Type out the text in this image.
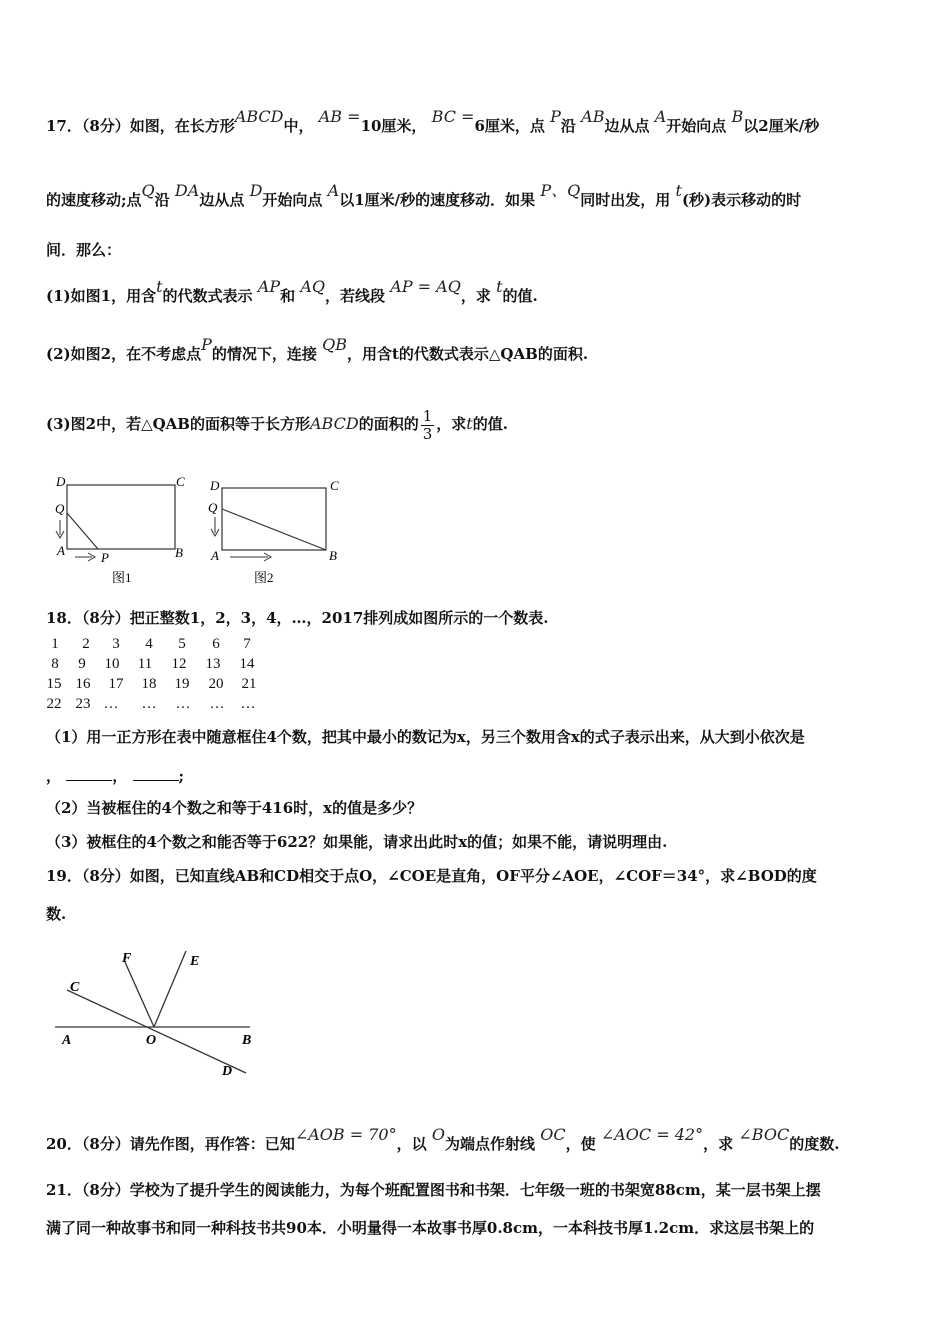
17．（8分）如图，在长方形ABCD中， AB =10厘米， BC =6厘米，点 P沿 AB边从点 A开始向点 B以2厘米/秒
的速度移动;点Q沿 DA边从点 D开始向点 A以1厘米/秒的速度移动．如果 P、Q同时出发，用 t(秒)表示移动的时
间．那么：
(1)如图1，用含t的代数式表示 AP和 AQ，若线段 AP = AQ，求 t的值.
(2)如图2，在不考虑点P的情况下，连接 QB，用含t的代数式表示△QAB的面积.
(3)图2中，若△QAB的面积等于长方形ABCD的面积的 $\frac{1}{3}$ ，求t的值.
D	C
Q
A	B
P
图1
D	C
Q
A	B
图2
18．（8分）把正整数1，2，3，4，…，2017排列成如图所示的一个数表.
1	2	3	4	5	6	7
8	9	10	11	12	13	14
15 16	17	18	19	20	21
22 23 …	…	…	…	…
（1）用一正方形在表中随意框住4个数，把其中最小的数记为x，另三个数用含x的式子表示出来，从大到小依次是
，	，	;
（2）当被框住的4个数之和等于416时，x的值是多少？
（3）被框住的4个数之和能否等于622？如果能，请求出此时x的值；如果不能，请说明理由.
19．（8分）如图，已知直线AB和CD相交于点O，∠COE是直角，OF平分∠AOE，∠COF＝34°，求∠BOD的度
数.
F	E
C
A	O	B
D
20．（8分）请先作图，再作答：已知∠AOB = 70°，以 O为端点作射线 OC，使 ∠AOC = 42°，求 ∠BOC的度数.
21．（8分）学校为了提升学生的阅读能力，为每个班配置图书和书架．七年级一班的书架宽88cm，某一层书架上摆
满了同一种故事书和同一种科技书共90本．小明量得一本故事书厚0.8cm，一本科技书厚1.2cm．求这层书架上的
